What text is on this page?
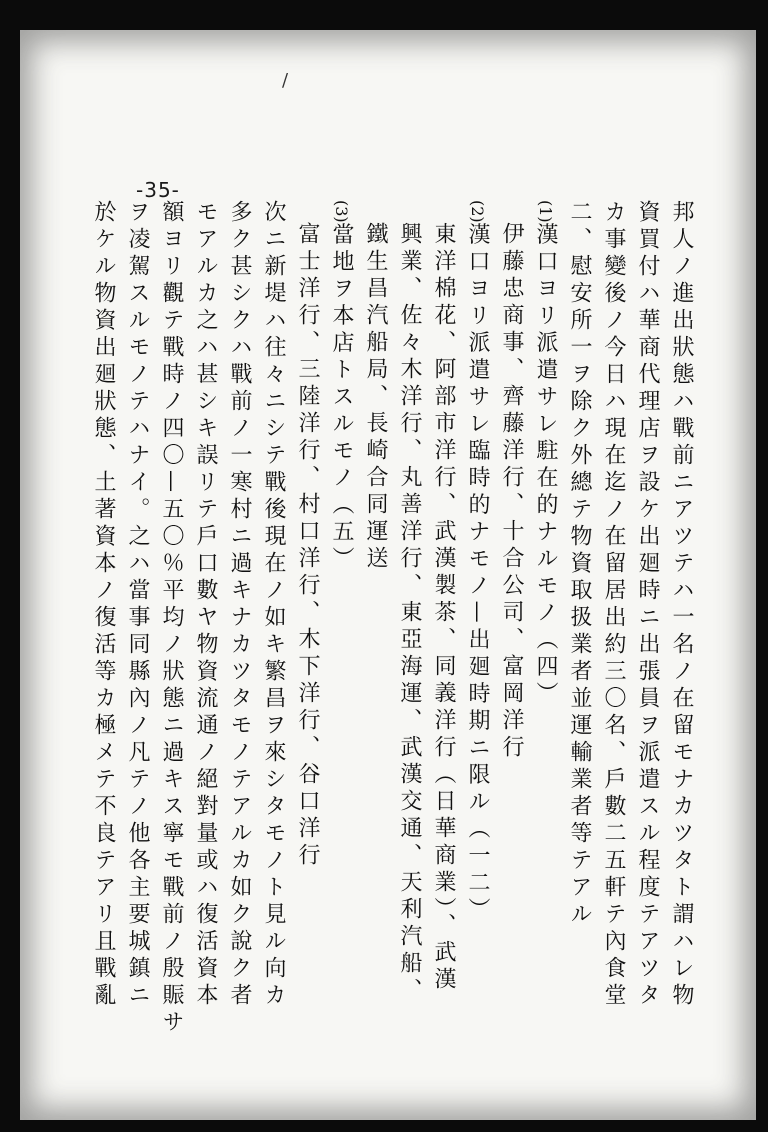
/
-35-
邦人ノ進出狀態ハ戰前ニアツテハ一名ノ在留モナカツタト謂ハレ物
資買付ハ華商代理店ヲ設ケ出廻時ニ出張員ヲ派遣スル程度テアツタ
カ事變後ノ今日ハ現在迄ノ在留居出約三〇名、戶數二五軒テ內食堂
二、慰安所一ヲ除ク外總テ物資取扱業者並運輸業者等テアル
(1)漢口ヨリ派遣サレ駐在的ナルモノ（四）
伊藤忠商事、齊藤洋行、十合公司、富岡洋行
(2)漢口ヨリ派遣サレ臨時的ナモノ—出廻時期ニ限ル（一二）
東洋棉花、阿部市洋行、武漢製茶、同義洋行（日華商業）、武漢
興業、佐々木洋行、丸善洋行、東亞海運、武漢交通、天利汽船、
鐵生昌汽船局、長崎合同運送
(3)當地ヲ本店トスルモノ（五）
富士洋行、三陸洋行、村口洋行、木下洋行、谷口洋行
次ニ新堤ハ往々ニシテ戰後現在ノ如キ繁昌ヲ來シタモノト見ル向カ
多ク甚シクハ戰前ノ一寒村ニ過キナカツタモノテアルカ如ク說ク者
モアルカ之ハ甚シキ誤リテ戶口數ヤ物資流通ノ絕對量或ハ復活資本
額ヨリ觀テ戰時ノ四〇—五〇％平均ノ狀態ニ過キス寧モ戰前ノ殷賑サ
ヲ凌駕スルモノテハナイ。之ハ當事同縣內ノ凡テノ他各主要城鎮ニ
於ケル物資出廻狀態、土著資本ノ復活等カ極メテ不良テアリ且戰亂
